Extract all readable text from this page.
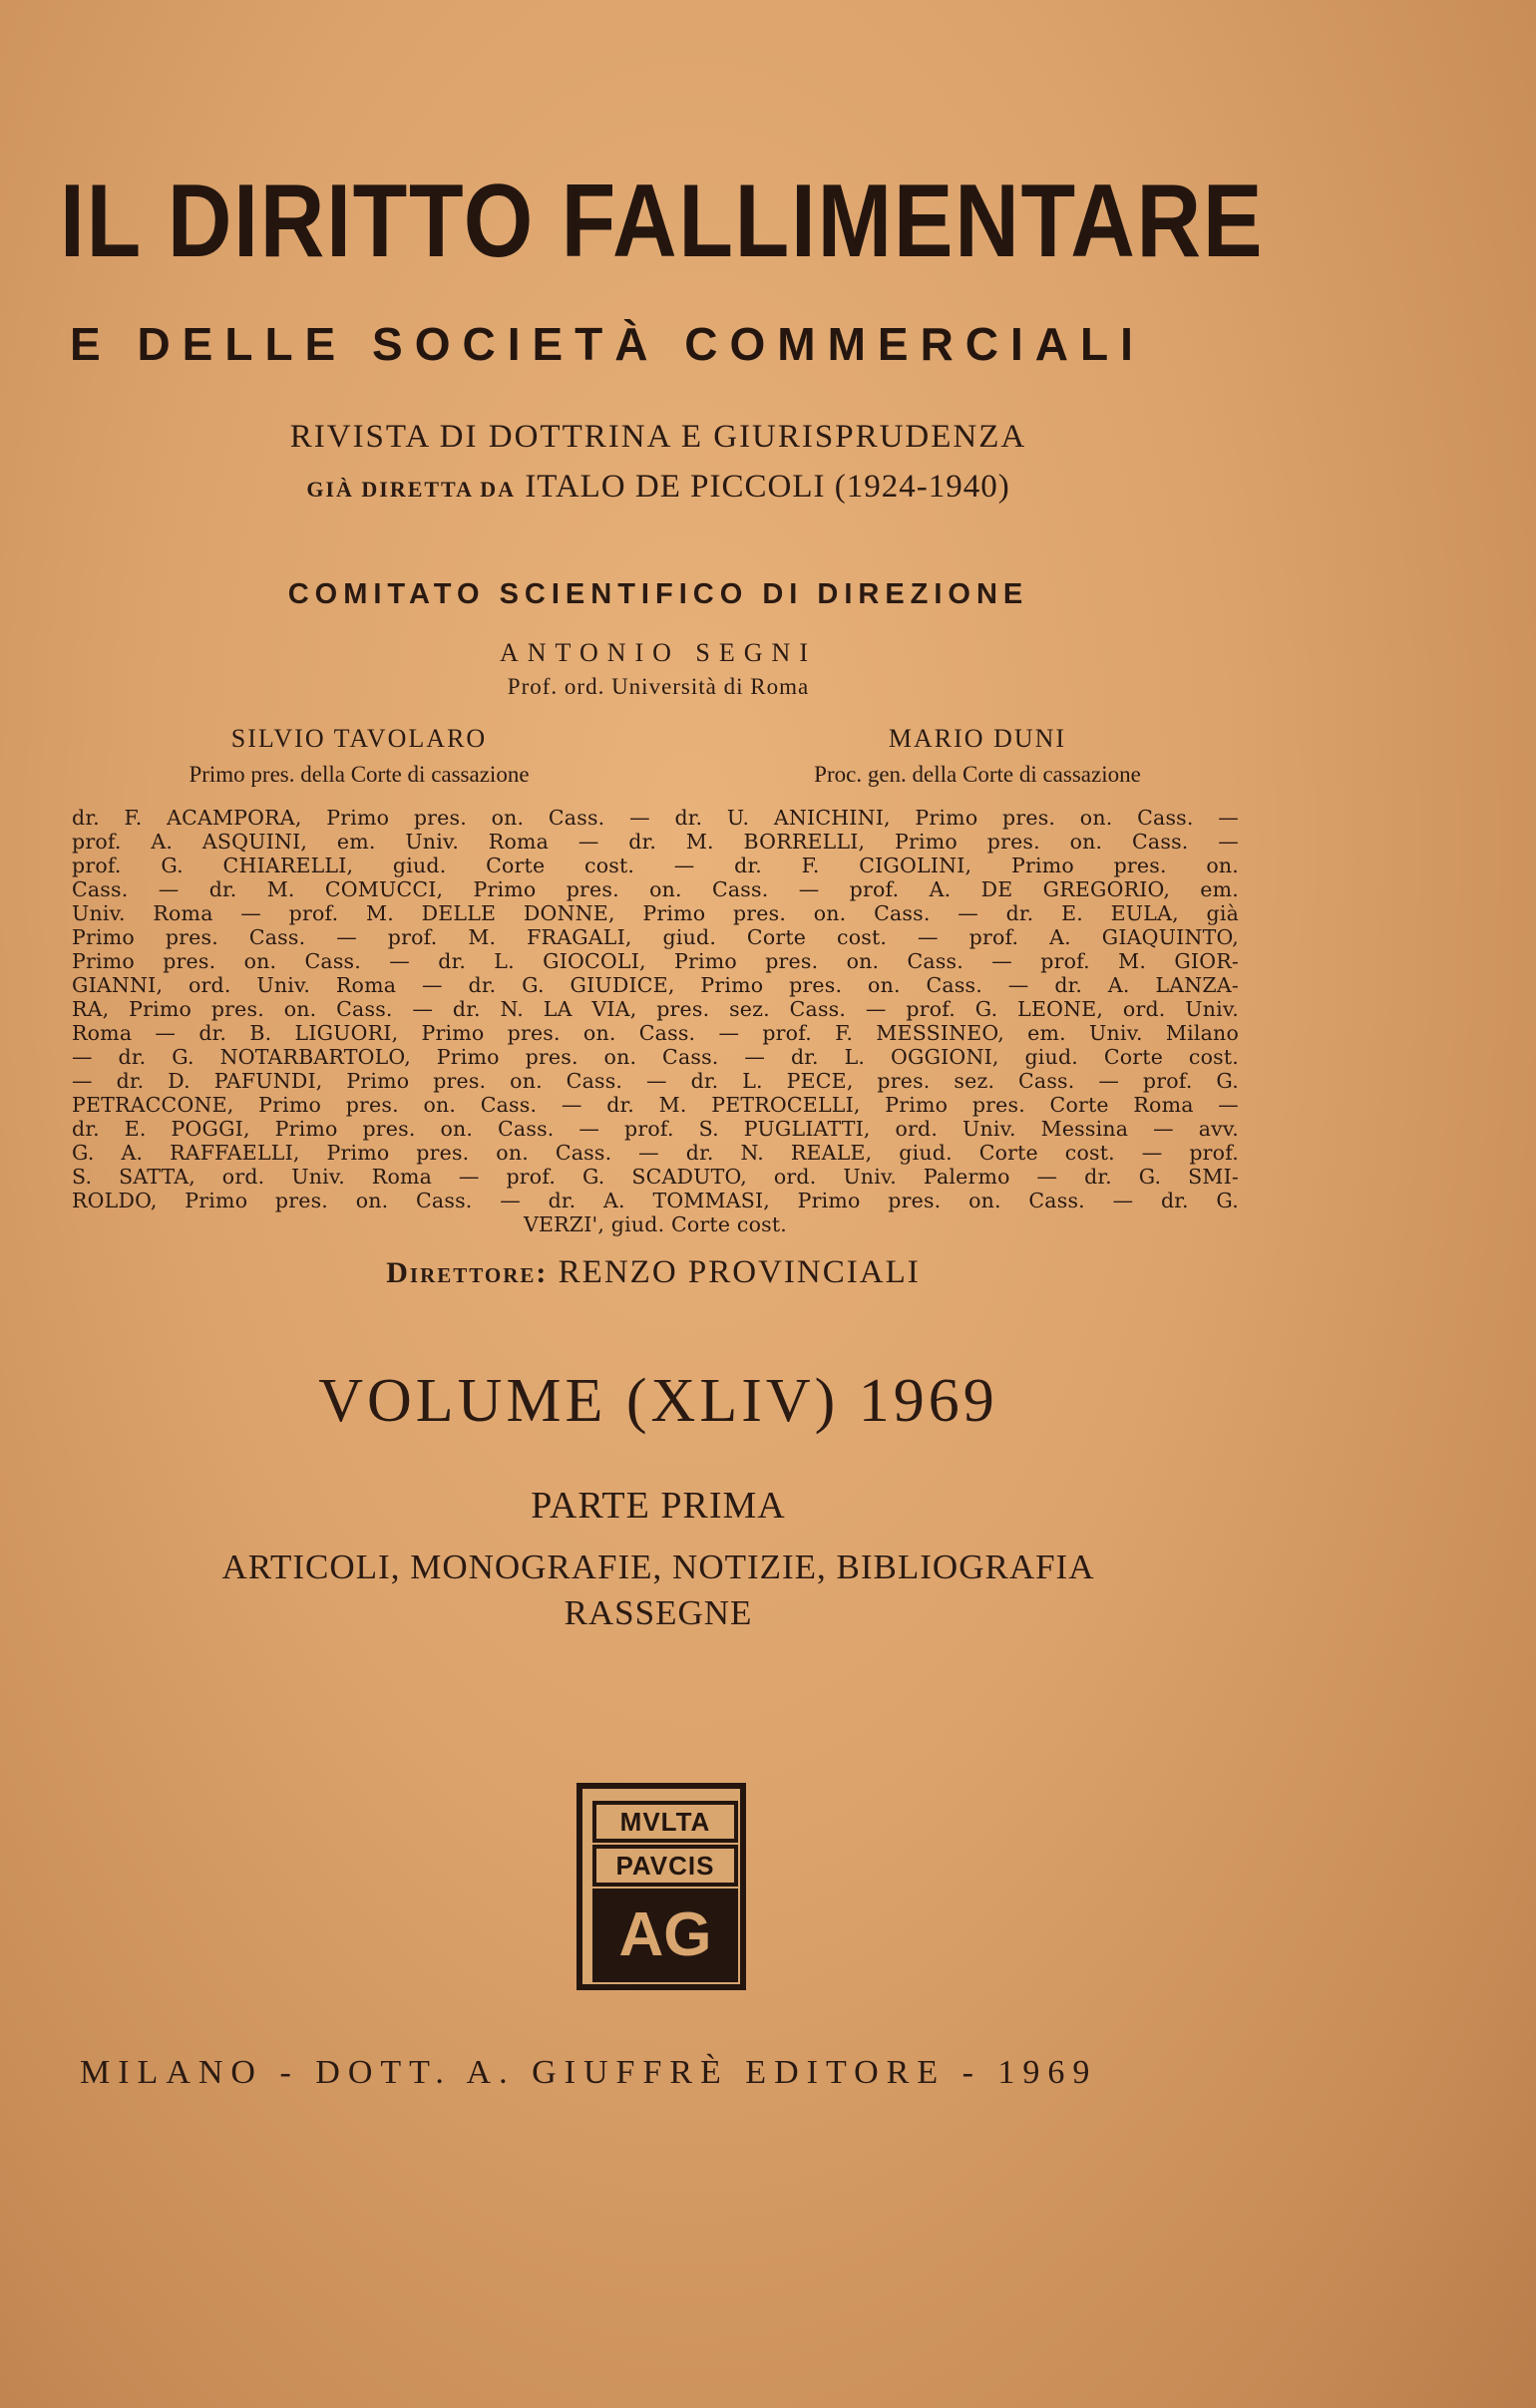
IL DIRITTO FALLIMENTARE
E DELLE SOCIETÀ COMMERCIALI
RIVISTA DI DOTTRINA E GIURISPRUDENZA
GIÀ DIRETTA DA ITALO DE PICCOLI (1924-1940)
COMITATO SCIENTIFICO DI DIREZIONE
ANTONIO SEGNI
Prof. ord. Università di Roma
SILVIO TAVOLARO
Primo pres. della Corte di cassazione
MARIO DUNI
Proc. gen. della Corte di cassazione
dr. F. ACAMPORA, Primo pres. on. Cass. — dr. U. ANICHINI, Primo pres. on. Cass. —
prof. A. ASQUINI, em. Univ. Roma — dr. M. BORRELLI, Primo pres. on. Cass. —
prof. G. CHIARELLI, giud. Corte cost. — dr. F. CIGOLINI, Primo pres. on.
Cass. — dr. M. COMUCCI, Primo pres. on. Cass. — prof. A. DE GREGORIO, em.
Univ. Roma — prof. M. DELLE DONNE, Primo pres. on. Cass. — dr. E. EULA, già
Primo pres. Cass. — prof. M. FRAGALI, giud. Corte cost. — prof. A. GIAQUINTO,
Primo pres. on. Cass. — dr. L. GIOCOLI, Primo pres. on. Cass. — prof. M. GIOR-
GIANNI, ord. Univ. Roma — dr. G. GIUDICE, Primo pres. on. Cass. — dr. A. LANZA-
RA, Primo pres. on. Cass. — dr. N. LA VIA, pres. sez. Cass. — prof. G. LEONE, ord. Univ.
Roma — dr. B. LIGUORI, Primo pres. on. Cass. — prof. F. MESSINEO, em. Univ. Milano
— dr. G. NOTARBARTOLO, Primo pres. on. Cass. — dr. L. OGGIONI, giud. Corte cost.
— dr. D. PAFUNDI, Primo pres. on. Cass. — dr. L. PECE, pres. sez. Cass. — prof. G.
PETRACCONE, Primo pres. on. Cass. — dr. M. PETROCELLI, Primo pres. Corte Roma —
dr. E. POGGI, Primo pres. on. Cass. — prof. S. PUGLIATTI, ord. Univ. Messina — avv.
G. A. RAFFAELLI, Primo pres. on. Cass. — dr. N. REALE, giud. Corte cost. — prof.
S. SATTA, ord. Univ. Roma — prof. G. SCADUTO, ord. Univ. Palermo — dr. G. SMI-
ROLDO, Primo pres. on. Cass. — dr. A. TOMMASI, Primo pres. on. Cass. — dr. G.
VERZI', giud. Corte cost.
Direttore: RENZO PROVINCIALI
VOLUME (XLIV) 1969
PARTE PRIMA
ARTICOLI, MONOGRAFIE, NOTIZIE, BIBLIOGRAFIA
RASSEGNE
MVLTA
PAVCIS
AG
MILANO - DOTT. A. GIUFFRÈ EDITORE - 1969
